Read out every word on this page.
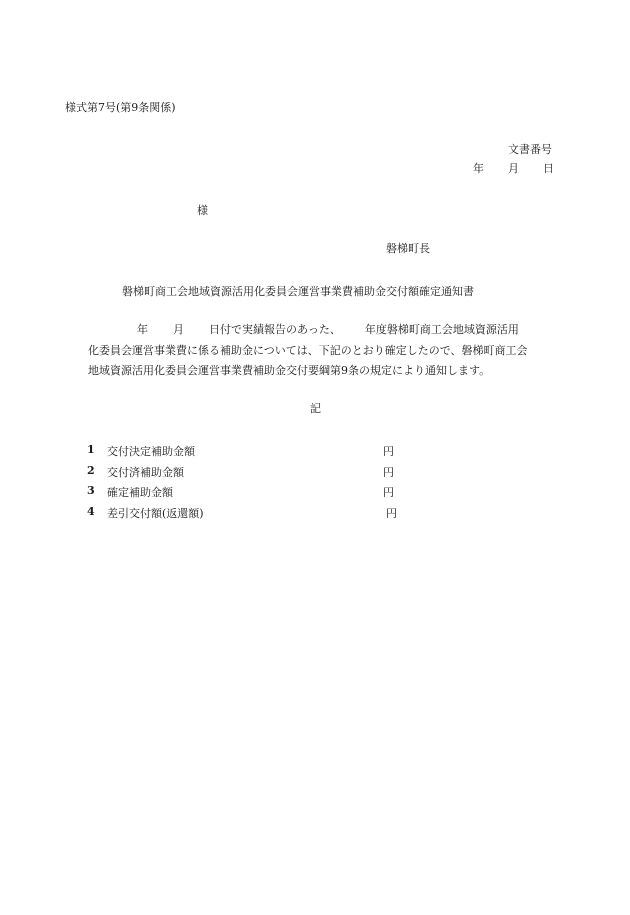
様式第7号(第9条関係)
文書番号
年 月 日
様
磐梯町長
磐梯町商工会地域資源活用化委員会運営事業費補助金交付額確定通知書
年 月 日付で実績報告のあった、 年度磐梯町商工会地域資源活用
化委員会運営事業費に係る補助金については、下記のとおり確定したので、磐梯町商工会
地域資源活用化委員会運営事業費補助金交付要綱第9条の規定により通知します。
記
1	交付決定補助金額	円
2	交付済補助金額	円
3	確定補助金額	円
4	差引交付額(返還額)	円
